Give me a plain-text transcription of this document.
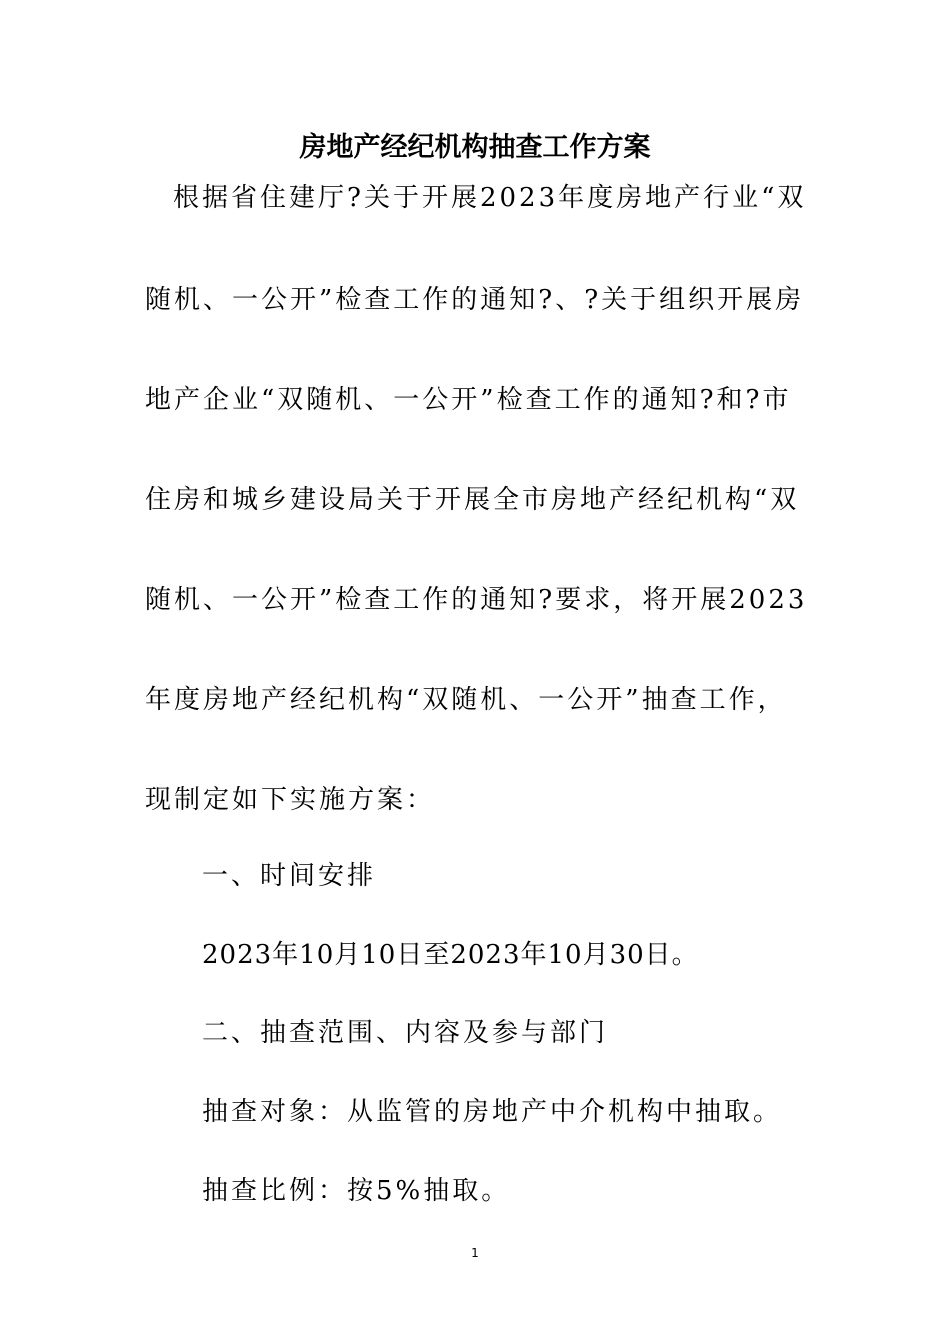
房地产经纪机构抽查工作方案
根据省住建厅?关于开展2023年度房地产行业“双
随机、一公开”检查工作的通知?、?关于组织开展房
地产企业“双随机、一公开”检查工作的通知?和?市
住房和城乡建设局关于开展全市房地产经纪机构“双
随机、一公开”检查工作的通知?要求，将开展2023
年度房地产经纪机构“双随机、一公开”抽查工作，
现制定如下实施方案：
一、时间安排
2023年10月10日至2023年10月30日。
二、抽查范围、内容及参与部门
抽查对象：从监管的房地产中介机构中抽取。
抽查比例：按5%抽取。
1
